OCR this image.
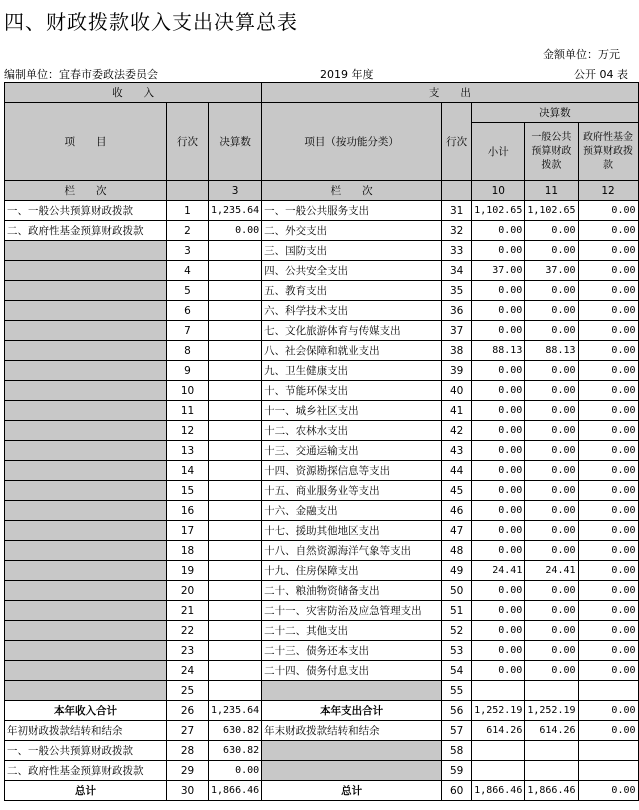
四、财政拨款收入支出决算总表
金额单位：万元
编制单位：宜春市委政法委员会	2019 年度	公开 04 表
收　　入			支　　出				
项　　目	行次	决算数	项目（按功能分类）	行次	决算数		
					小计	一般公共预算财政拨款	政府性基金预算财政拨款
栏　　次		3	栏　　次		10	11	12
一、一般公共预算财政拨款	1	1,235.64	一、一般公共服务支出	31	1,102.65	1,102.65	0.00
二、政府性基金预算财政拨款	2	0.00	二、外交支出	32	0.00	0.00	0.00
	3		三、国防支出	33	0.00	0.00	0.00
	4		四、公共安全支出	34	37.00	37.00	0.00
	5		五、教育支出	35	0.00	0.00	0.00
	6		六、科学技术支出	36	0.00	0.00	0.00
	7		七、文化旅游体育与传媒支出	37	0.00	0.00	0.00
	8		八、社会保障和就业支出	38	88.13	88.13	0.00
	9		九、卫生健康支出	39	0.00	0.00	0.00
	10		十、节能环保支出	40	0.00	0.00	0.00
	11		十一、城乡社区支出	41	0.00	0.00	0.00
	12		十二、农林水支出	42	0.00	0.00	0.00
	13		十三、交通运输支出	43	0.00	0.00	0.00
	14		十四、资源勘探信息等支出	44	0.00	0.00	0.00
	15		十五、商业服务业等支出	45	0.00	0.00	0.00
	16		十六、金融支出	46	0.00	0.00	0.00
	17		十七、援助其他地区支出	47	0.00	0.00	0.00
	18		十八、自然资源海洋气象等支出	48	0.00	0.00	0.00
	19		十九、住房保障支出	49	24.41	24.41	0.00
	20		二十、粮油物资储备支出	50	0.00	0.00	0.00
	21		二十一、灾害防治及应急管理支出	51	0.00	0.00	0.00
	22		二十二、其他支出	52	0.00	0.00	0.00
	23		二十三、债务还本支出	53	0.00	0.00	0.00
	24		二十四、债务付息支出	54	0.00	0.00	0.00
	25			55			
本年收入合计	26	1,235.64	本年支出合计	56	1,252.19	1,252.19	0.00
年初财政拨款结转和结余	27	630.82	年末财政拨款结转和结余	57	614.26	614.26	0.00
一、一般公共预算财政拨款	28	630.82		58			
二、政府性基金预算财政拨款	29	0.00		59			
总计	30	1,866.46	总计	60	1,866.46	1,866.46	0.00
